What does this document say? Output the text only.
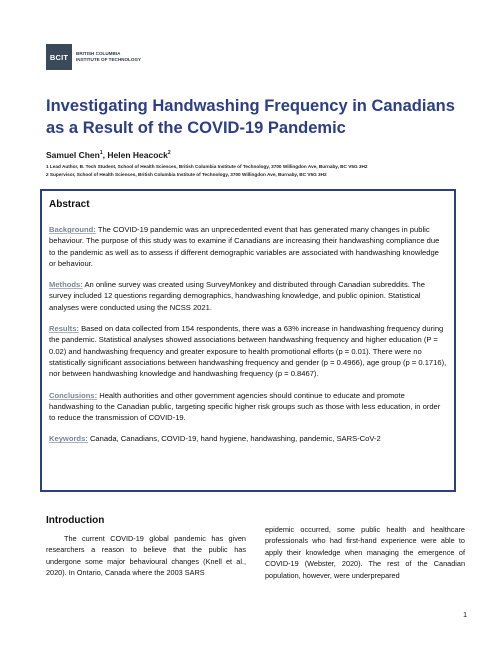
BCIT	BRITISH COLUMBIA
INSTITUTE OF TECHNOLOGY
Investigating Handwashing Frequency in Canadians as a Result of the COVID-19 Pandemic
Samuel Chen$^1$, Helen Heacock$^2$
1 Lead Author, B. Tech Student, School of Health Sciences, British Columbia Institute of Technology, 3700 Willingdon Ave, Burnaby, BC V5G 3H2
2 Supervisor, School of Health Sciences, British Columbia Institute of Technology, 3700 Willingdon Ave, Burnaby, BC V5G 3H2
Abstract

Background: The COVID-19 pandemic was an unprecedented event that has generated many changes in public behaviour. The purpose of this study was to examine if Canadians are increasing their handwashing compliance due to the pandemic as well as to assess if different demographic variables are associated with handwashing knowledge or behaviour.

Methods: An online survey was created using SurveyMonkey and distributed through Canadian subreddits. The survey included 12 questions regarding demographics, handwashing knowledge, and public opinion. Statistical analyses were conducted using the NCSS 2021.

Results: Based on data collected from 154 respondents, there was a 63% increase in handwashing frequency during the pandemic. Statistical analyses showed associations between handwashing frequency and higher education (P = 0.02) and handwashing frequency and greater exposure to health promotional efforts (p = 0.01). There were no statistically significant associations between handwashing frequency and gender (p = 0.4966), age group (p = 0.1716), nor between handwashing knowledge and handwashing frequency (p = 0.8467).

Conclusions: Health authorities and other government agencies should continue to educate and promote handwashing to the Canadian public, targeting specific higher risk groups such as those with less education, in order to reduce the transmission of COVID-19.

Keywords: Canada, Canadians, COVID-19, hand hygiene, handwashing, pandemic, SARS-CoV-2

Introduction

The current COVID-19 global pandemic has given researchers a reason to believe that the public has undergone some major behavioural changes (Knell et al., 2020). In Ontario, Canada where the 2003 SARS

epidemic occurred, some public health and healthcare professionals who had first-hand experience were able to apply their knowledge when managing the emergence of COVID-19 (Webster, 2020). The rest of the Canadian population, however, were underprepared

1
